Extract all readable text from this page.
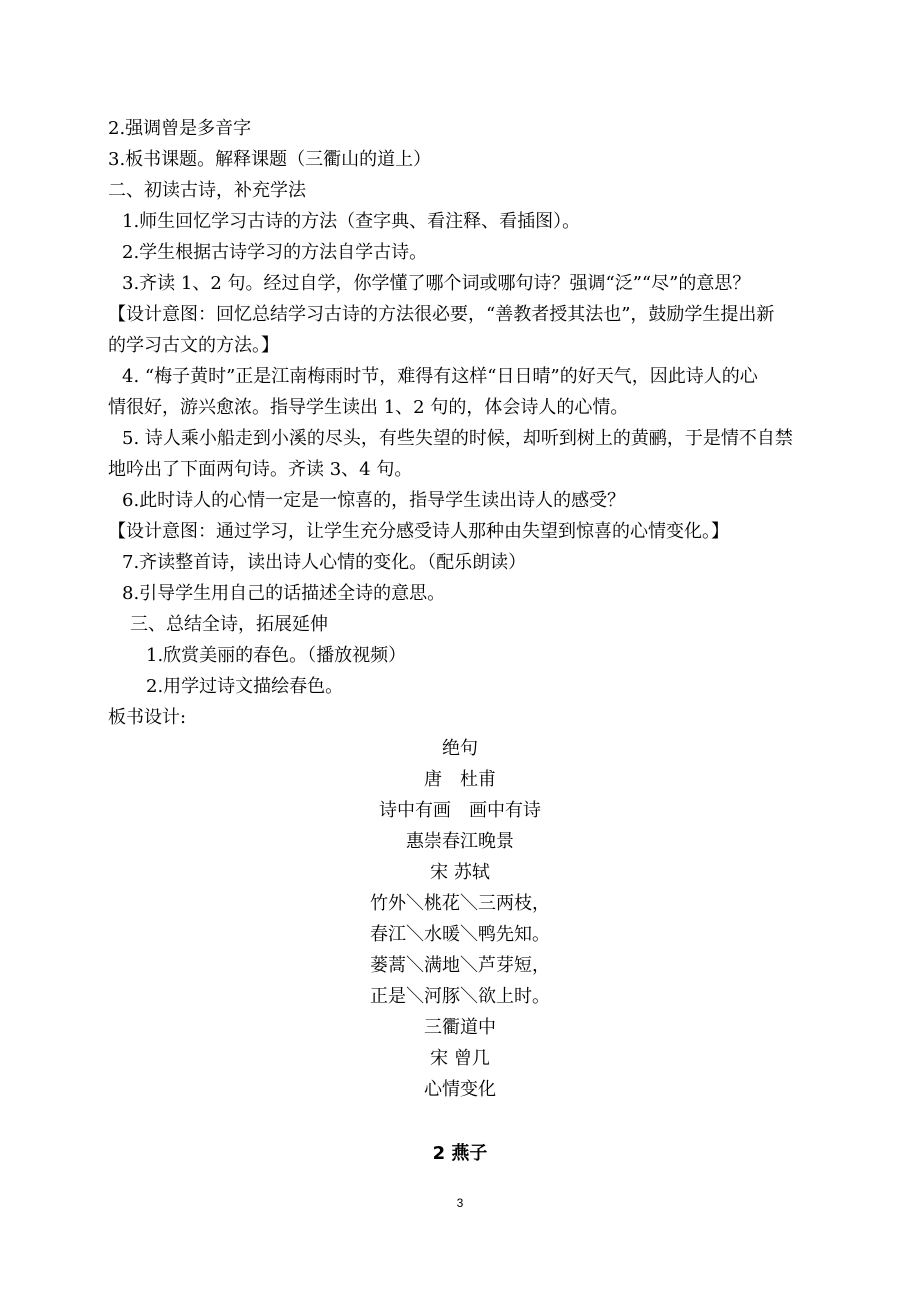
2.强调曾是多音字
3.板书课题。解释课题（三衢山的道上）
二、初读古诗，补充学法
1.师生回忆学习古诗的方法（查字典、看注释、看插图）。
2.学生根据古诗学习的方法自学古诗。
3.齐读 1、2 句。经过自学，你学懂了哪个词或哪句诗？强调“泛”“尽”的意思？
【设计意图：回忆总结学习古诗的方法很必要，“善教者授其法也”，鼓励学生提出新
的学习古文的方法。】
4. “梅子黄时”正是江南梅雨时节，难得有这样“日日晴”的好天气，因此诗人的心
情很好，游兴愈浓。指导学生读出 1、2 句的，体会诗人的心情。
5. 诗人乘小船走到小溪的尽头，有些失望的时候，却听到树上的黄鹂，于是情不自禁
地吟出了下面两句诗。齐读 3、4 句。
6.此时诗人的心情一定是一惊喜的，指导学生读出诗人的感受？
【设计意图：通过学习，让学生充分感受诗人那种由失望到惊喜的心情变化。】
7.齐读整首诗，读出诗人心情的变化。（配乐朗读）
8.引导学生用自己的话描述全诗的意思。
三、总结全诗，拓展延伸
1.欣赏美丽的春色。（播放视频）
2.用学过诗文描绘春色。
板书设计:
绝句
唐　杜甫
诗中有画　画中有诗
惠崇春江晚景
宋 苏轼
竹外＼桃花＼三两枝，
春江＼水暖＼鸭先知。
蒌蒿＼满地＼芦芽短，
正是＼河豚＼欲上时。
三衢道中
宋 曾几
心情变化
2 燕子
3
